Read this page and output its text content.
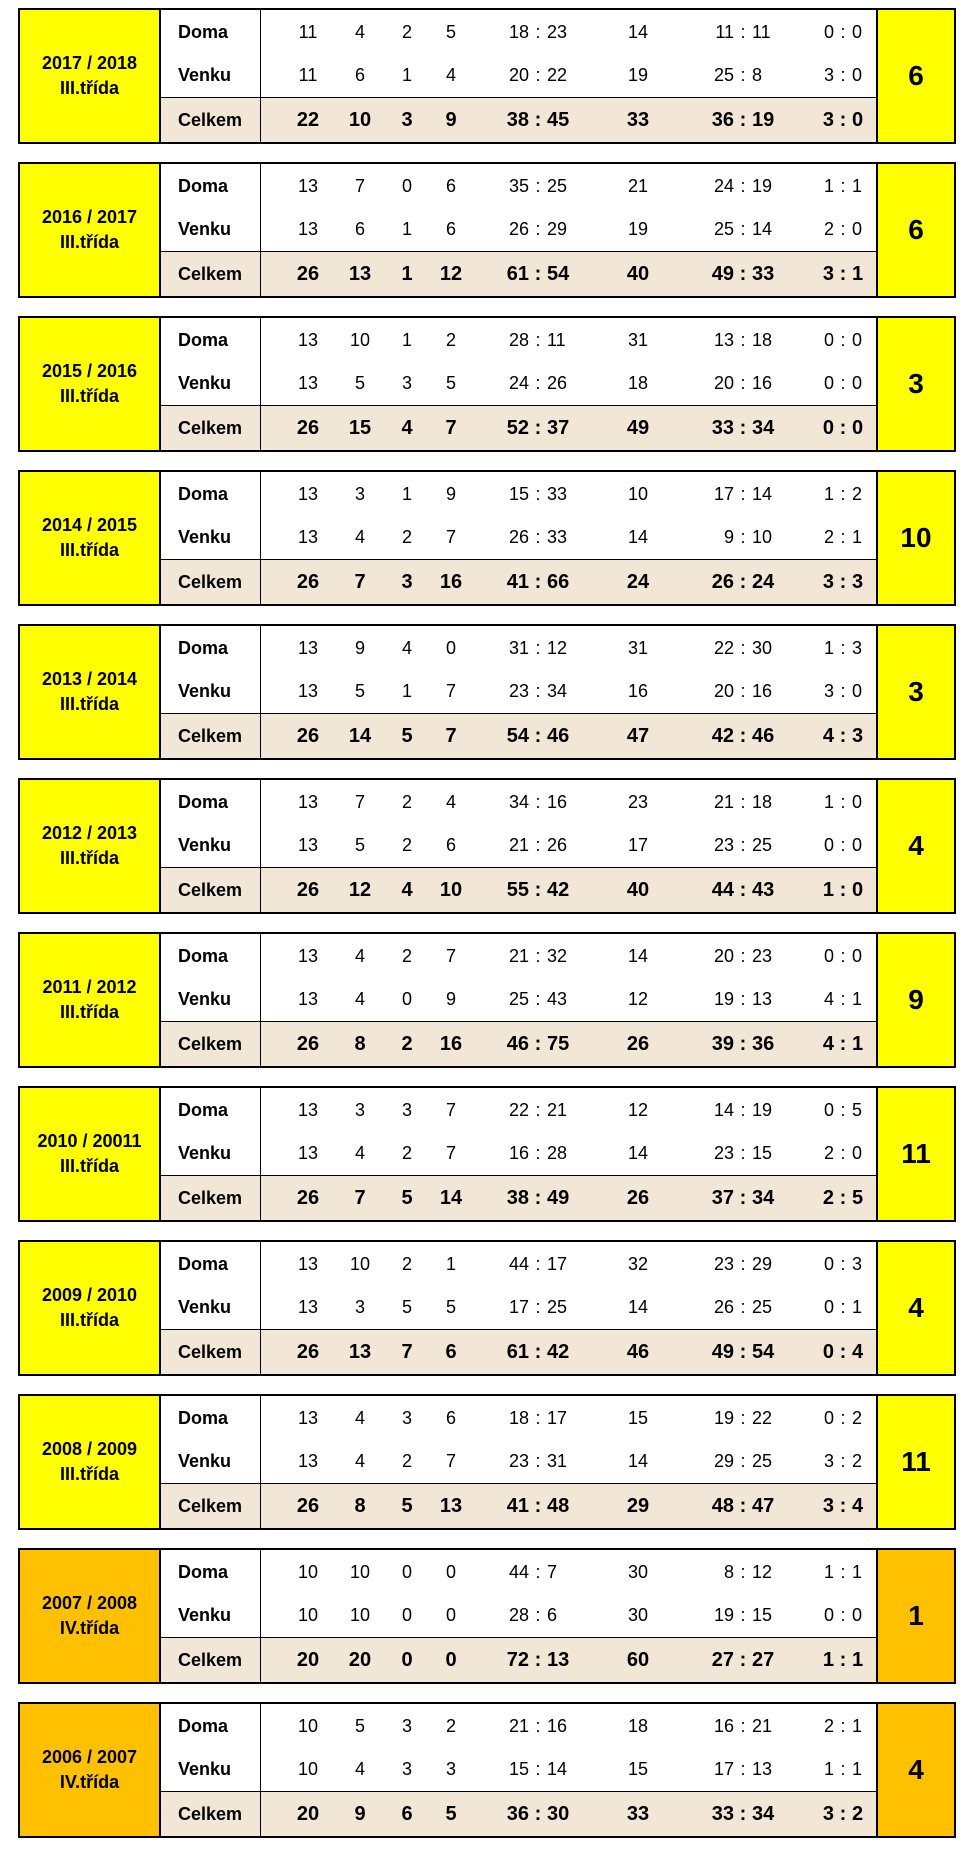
2017 / 2018
III.třída
Doma	11	4	2	5	18 : 23	14	11 : 11	0 : 0
Venku	11	6	1	4	20 : 22	19	25 : 8	3 : 0
Celkem	22	10	3	9	38 : 45	33	36 : 19	3 : 0
6
2016 / 2017
III.třída
Doma	13	7	0	6	35 : 25	21	24 : 19	1 : 1
Venku	13	6	1	6	26 : 29	19	25 : 14	2 : 0
Celkem	26	13	1	12	61 : 54	40	49 : 33	3 : 1
6
2015 / 2016
III.třída
Doma	13	10	1	2	28 : 11	31	13 : 18	0 : 0
Venku	13	5	3	5	24 : 26	18	20 : 16	0 : 0
Celkem	26	15	4	7	52 : 37	49	33 : 34	0 : 0
3
2014 / 2015
III.třída
Doma	13	3	1	9	15 : 33	10	17 : 14	1 : 2
Venku	13	4	2	7	26 : 33	14	9 : 10	2 : 1
Celkem	26	7	3	16	41 : 66	24	26 : 24	3 : 3
10
2013 / 2014
III.třída
Doma	13	9	4	0	31 : 12	31	22 : 30	1 : 3
Venku	13	5	1	7	23 : 34	16	20 : 16	3 : 0
Celkem	26	14	5	7	54 : 46	47	42 : 46	4 : 3
3
2012 / 2013
III.třída
Doma	13	7	2	4	34 : 16	23	21 : 18	1 : 0
Venku	13	5	2	6	21 : 26	17	23 : 25	0 : 0
Celkem	26	12	4	10	55 : 42	40	44 : 43	1 : 0
4
2011 / 2012
III.třída
Doma	13	4	2	7	21 : 32	14	20 : 23	0 : 0
Venku	13	4	0	9	25 : 43	12	19 : 13	4 : 1
Celkem	26	8	2	16	46 : 75	26	39 : 36	4 : 1
9
2010 / 20011
III.třída
Doma	13	3	3	7	22 : 21	12	14 : 19	0 : 5
Venku	13	4	2	7	16 : 28	14	23 : 15	2 : 0
Celkem	26	7	5	14	38 : 49	26	37 : 34	2 : 5
11
2009 / 2010
III.třída
Doma	13	10	2	1	44 : 17	32	23 : 29	0 : 3
Venku	13	3	5	5	17 : 25	14	26 : 25	0 : 1
Celkem	26	13	7	6	61 : 42	46	49 : 54	0 : 4
4
2008 / 2009
III.třída
Doma	13	4	3	6	18 : 17	15	19 : 22	0 : 2
Venku	13	4	2	7	23 : 31	14	29 : 25	3 : 2
Celkem	26	8	5	13	41 : 48	29	48 : 47	3 : 4
11
2007 / 2008
IV.třída
Doma	10	10	0	0	44 : 7	30	8 : 12	1 : 1
Venku	10	10	0	0	28 : 6	30	19 : 15	0 : 0
Celkem	20	20	0	0	72 : 13	60	27 : 27	1 : 1
1
2006 / 2007
IV.třída
Doma	10	5	3	2	21 : 16	18	16 : 21	2 : 1
Venku	10	4	3	3	15 : 14	15	17 : 13	1 : 1
Celkem	20	9	6	5	36 : 30	33	33 : 34	3 : 2
4
